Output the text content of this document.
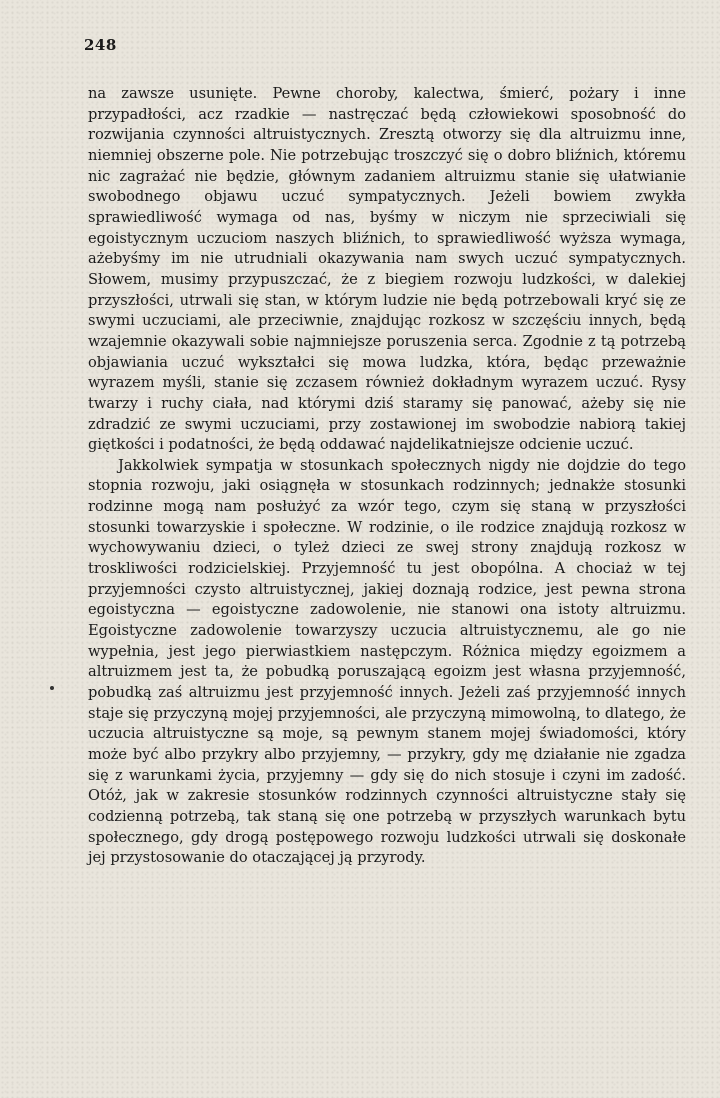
248

na zawsze usunięte. Pewne choroby, kalectwa, śmierć, pożary i inne przypadłości, acz rzadkie — nastręczać będą człowiekowi sposobność do rozwijania czynności altruistycznych. Zresztą otworzy się dla altruizmu inne, niemniej obszerne pole. Nie potrzebując troszczyć się o dobro bliźnich, któremu nic zagrażać nie będzie, głównym zadaniem altruizmu stanie się ułatwianie swobodnego objawu uczuć sympatycznych. Jeżeli bowiem zwykła sprawiedliwość wymaga od nas, byśmy w niczym nie sprzeciwiali się egoistycznym uczuciom naszych bliźnich, to sprawiedliwość wyższa wymaga, ażebyśmy im nie utrudniali okazywania nam swych uczuć sympatycznych. Słowem, musimy przypuszczać, że z biegiem rozwoju ludzkości, w dalekiej przyszłości, utrwali się stan, w którym ludzie nie będą potrzebowali kryć się ze swymi uczuciami, ale przeciwnie, znajdując rozkosz w szczęściu innych, będą wzajemnie okazywali sobie najmniejsze poruszenia serca. Zgodnie z tą potrzebą objawiania uczuć wykształci się mowa ludzka, która, będąc przeważnie wyrazem myśli, stanie się zczasem również dokładnym wyrazem uczuć. Rysy twarzy i ruchy ciała, nad którymi dziś staramy się panować, ażeby się nie zdradzić ze swymi uczuciami, przy zostawionej im swobodzie nabiorą takiej giętkości i podatności, że będą oddawać najdelikatniejsze odcienie uczuć.

Jakkolwiek sympatja w stosunkach społecznych nigdy nie dojdzie do tego stopnia rozwoju, jaki osiągnęła w stosunkach rodzinnych; jednakże stosunki rodzinne mogą nam posłużyć za wzór tego, czym się staną w przyszłości stosunki towarzyskie i społeczne. W rodzinie, o ile rodzice znajdują rozkosz w wychowywaniu dzieci, o tyleż dzieci ze swej strony znajdują rozkosz w troskliwości rodzicielskiej. Przyjemność tu jest obopólna. A chociaż w tej przyjemności czysto altruistycznej, jakiej doznają rodzice, jest pewna strona egoistyczna — egoistyczne zadowolenie, nie stanowi ona istoty altruizmu. Egoistyczne zadowolenie towarzyszy uczucia altruistycznemu, ale go nie wypełnia, jest jego pierwiastkiem następczym. Różnica między egoizmem a altruizmem jest ta, że pobudką poruszającą egoizm jest własna przyjemność, pobudką zaś altruizmu jest przyjemność innych. Jeżeli zaś przyjemność innych staje się przyczyną mojej przyjemności, ale przyczyną mimowolną, to dlatego, że uczucia altruistyczne są moje, są pewnym stanem mojej świadomości, który może być albo przykry albo przyjemny, — przykry, gdy mę działanie nie zgadza się z warunkami życia, przyjemny — gdy się do nich stosuje i czyni im zadość. Otóż, jak w zakresie stosunków rodzinnych czynności altruistyczne stały się codzienną potrzebą, tak staną się one potrzebą w przyszłych warunkach bytu społecznego, gdy drogą postępowego rozwoju ludzkości utrwali się doskonałe jej przystosowanie do otaczającej ją przyrody.
